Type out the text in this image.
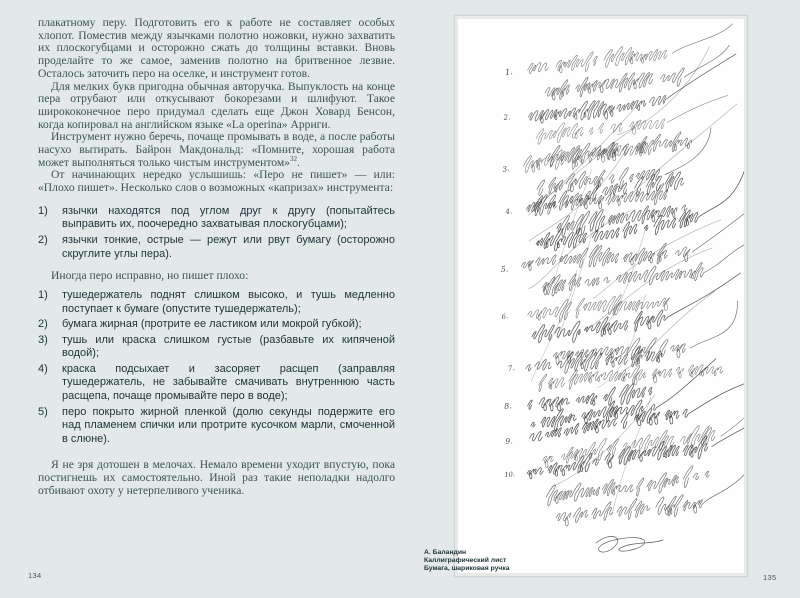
плакатному перу. Подготовить его к работе не составляет особых хлопот. Поместив между язычками полотно ножовки, нужно захватить их плоскогубцами и осторожно сжать до толщины вставки. Вновь проделайте то же самое, заменив полотно на бритвенное лезвие. Осталось заточить перо на оселке, и инструмент готов.

Для мелких букв пригодна обычная авторучка. Выпуклость на конце пера отрубают или откусывают бокорезами и шлифуют. Такое ширококонечное перо придумал сделать еще Джон Ховард Бенсон, когда копировал на английском языке «La operina» Арриги.

Инструмент нужно беречь, почаще промывать в воде, а после работы насухо вытирать. Байрон Макдональд: «Помните, хорошая работа может выполняться только чистым инструментом»$^{32}$.

От начинающих нередко услышишь: «Перо не пишет» — или: «Плохо пишет». Несколько слов о возможных «капризах» инструмента:

1)	язычки находятся под углом друг к другу (попытайтесь выправить их, поочередно захватывая плоскогубцами);
2)	язычки тонкие, острые — режут или рвут бумагу (осторожно скруглите углы пера).

Иногда перо исправно, но пишет плохо:

1)	тушедержатель поднят слишком высоко, и тушь медленно поступает к бумаге (опустите тушедержатель);
2)	бумага жирная (протрите ее ластиком или мокрой губкой);
3)	тушь или краска слишком густые (разбавьте их кипяченой водой);
4)	краска подсыхает и засоряет расщеп (заправляя тушедержатель, не забывайте смачивать внутреннюю часть расщепа, почаще промывайте перо в воде);
5)	перо покрыто жирной пленкой (долю секунды подержите его над пламенем спички или протрите кусочком марли, смоченной в слюне).

Я не зря дотошен в мелочах. Немало времени уходит впустую, пока постигнешь их самостоятельно. Иной раз такие неполадки надолго отбивают охоту у нетерпеливого ученика.

1.
2.
3.
4.
5.
6.
7.
8.
9.
10.
А. Баландин
Каллиграфический лист
Бумага, шариковая ручка
134	135
